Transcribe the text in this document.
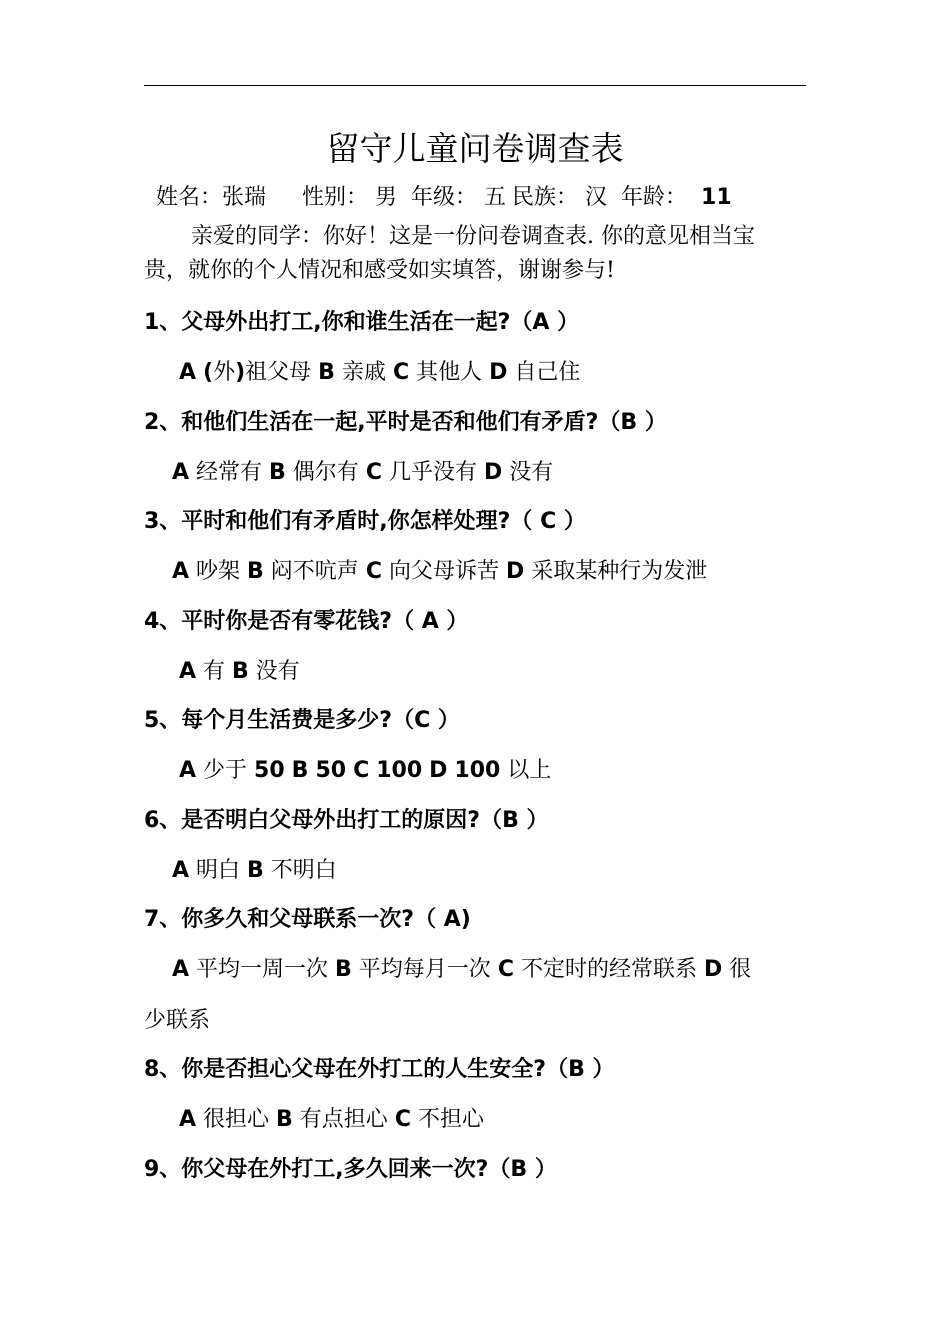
留守儿童问卷调查表
姓名：张瑞 性别： 男 年级： 五 民族： 汉 年龄： 11
亲爱的同学：你好！这是一份问卷调查表. 你的意见相当宝
贵，就你的个人情况和感受如实填答，谢谢参与!
1、父母外出打工,你和谁生活在一起?（A ）
A (外)祖父母 B 亲戚 C 其他人 D 自己住
2、和他们生活在一起,平时是否和他们有矛盾?（B ）
A 经常有 B 偶尔有 C 几乎没有 D 没有
3、平时和他们有矛盾时,你怎样处理?（ C ）
A 吵架 B 闷不吭声 C 向父母诉苦 D 采取某种行为发泄
4、平时你是否有零花钱?（ A ）
A 有 B 没有
5、每个月生活费是多少?（C ）
A 少于 50 B 50 C 100 D 100 以上
6、是否明白父母外出打工的原因?（B ）
A 明白 B 不明白
7、你多久和父母联系一次?（ A)
A 平均一周一次 B 平均每月一次 C 不定时的经常联系 D 很
少联系
8、你是否担心父母在外打工的人生安全?（B ）
A 很担心 B 有点担心 C 不担心
9、你父母在外打工,多久回来一次?（B ）
